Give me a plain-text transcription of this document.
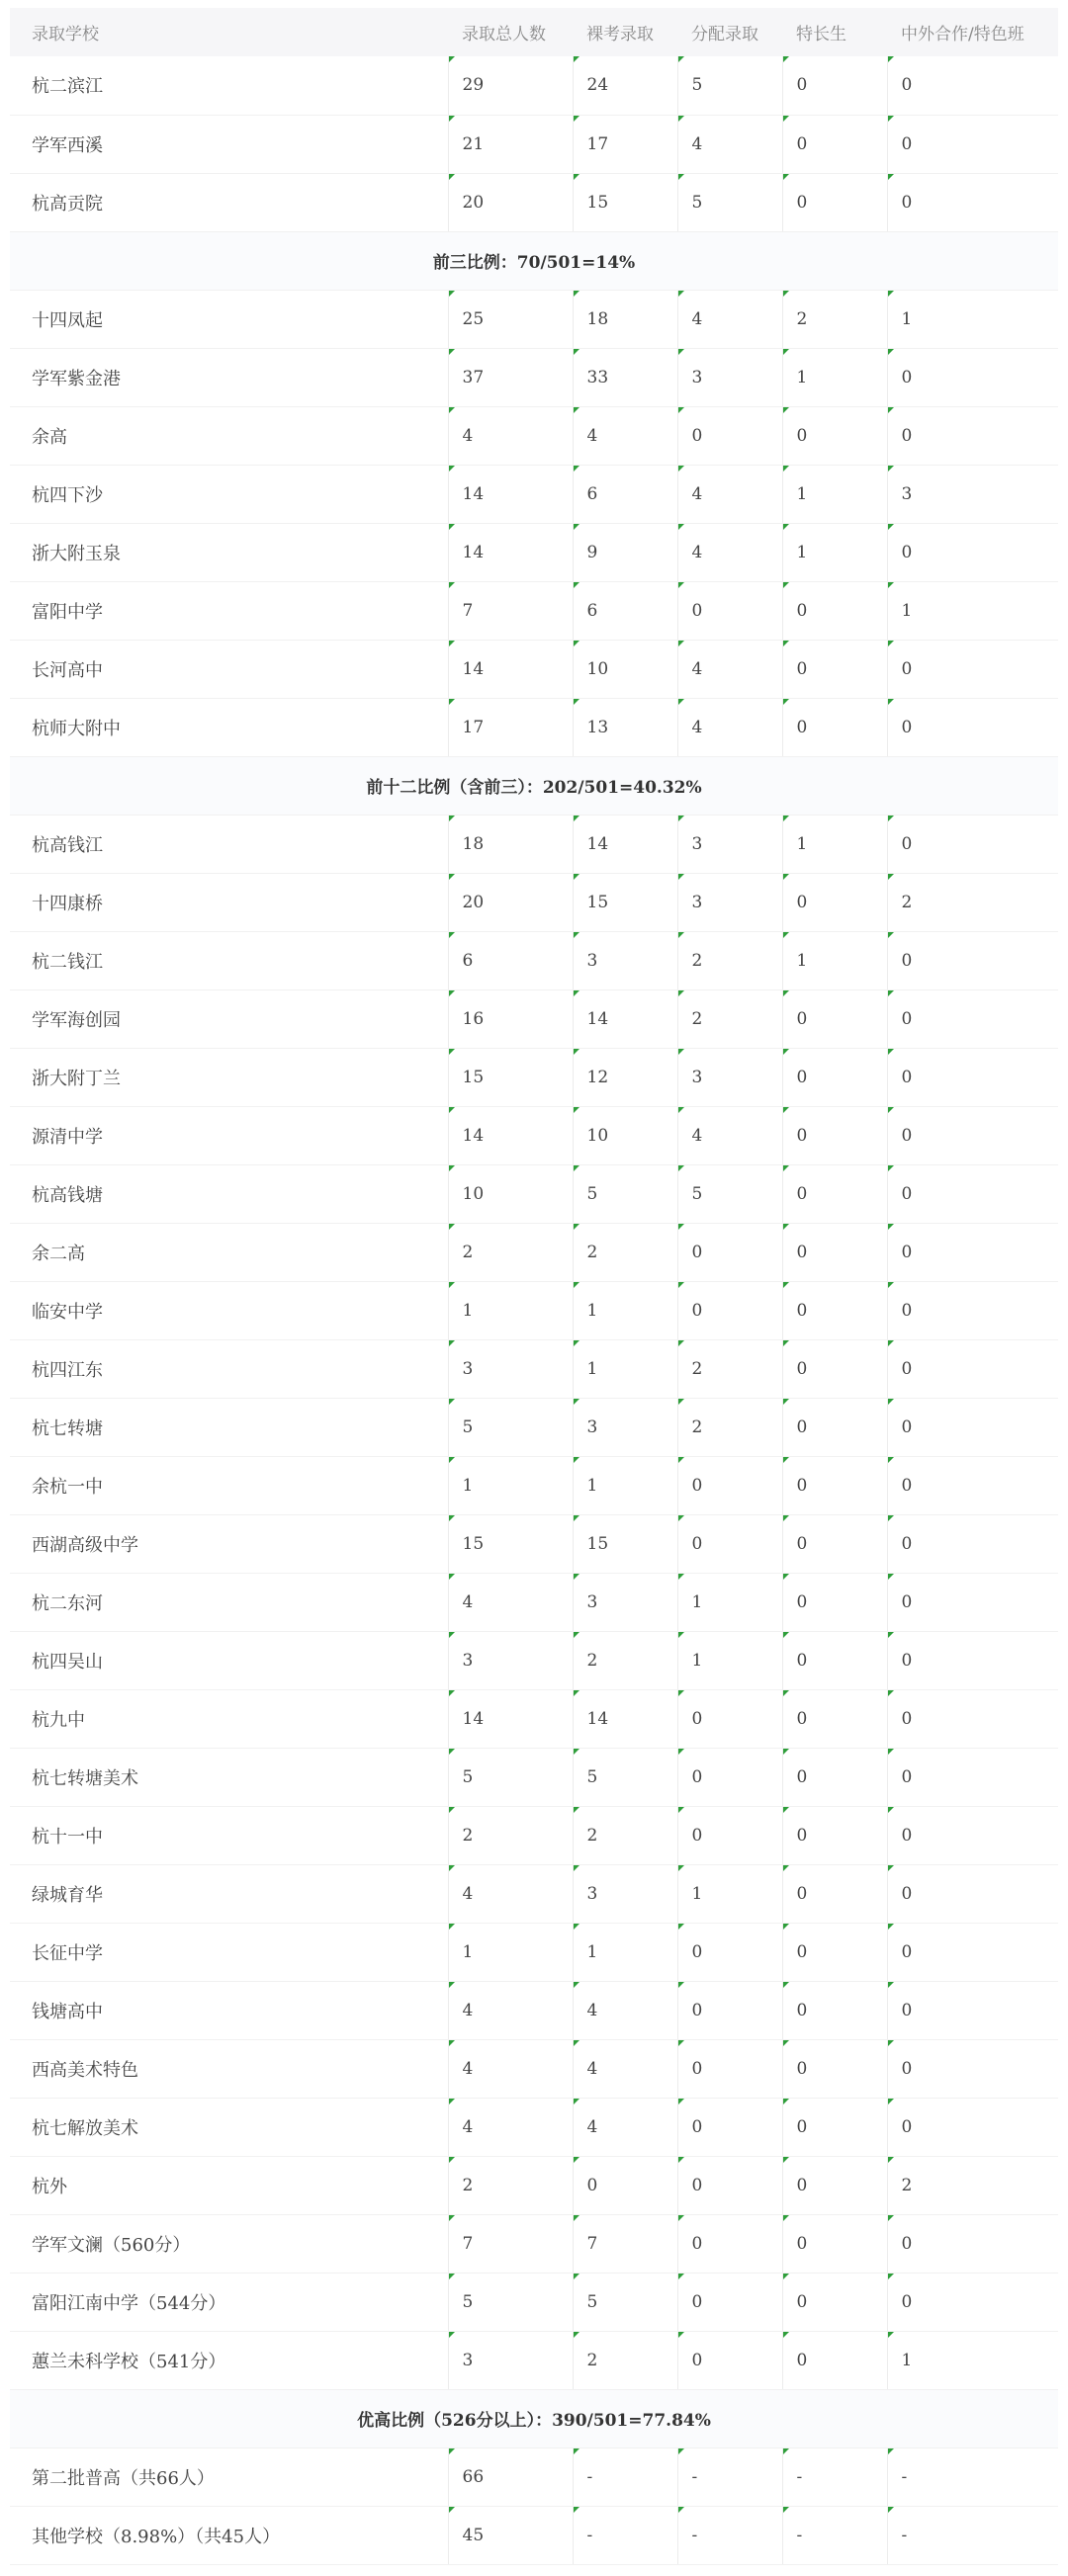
录取学校	录取总人数	裸考录取	分配录取	特长生	中外合作/特色班
杭二滨江	29	24	5	0	0
学军西溪	21	17	4	0	0
杭高贡院	20	15	5	0	0
前三比例：70/501=14%					
十四凤起	25	18	4	2	1
学军紫金港	37	33	3	1	0
余高	4	4	0	0	0
杭四下沙	14	6	4	1	3
浙大附玉泉	14	9	4	1	0
富阳中学	7	6	0	0	1
长河高中	14	10	4	0	0
杭师大附中	17	13	4	0	0
前十二比例（含前三）：202/501=40.32%					
杭高钱江	18	14	3	1	0
十四康桥	20	15	3	0	2
杭二钱江	6	3	2	1	0
学军海创园	16	14	2	0	0
浙大附丁兰	15	12	3	0	0
源清中学	14	10	4	0	0
杭高钱塘	10	5	5	0	0
余二高	2	2	0	0	0
临安中学	1	1	0	0	0
杭四江东	3	1	2	0	0
杭七转塘	5	3	2	0	0
余杭一中	1	1	0	0	0
西湖高级中学	15	15	0	0	0
杭二东河	4	3	1	0	0
杭四吴山	3	2	1	0	0
杭九中	14	14	0	0	0
杭七转塘美术	5	5	0	0	0
杭十一中	2	2	0	0	0
绿城育华	4	3	1	0	0
长征中学	1	1	0	0	0
钱塘高中	4	4	0	0	0
西高美术特色	4	4	0	0	0
杭七解放美术	4	4	0	0	0
杭外	2	0	0	0	2
学军文澜（560分）	7	7	0	0	0
富阳江南中学（544分）	5	5	0	0	0
蕙兰未科学校（541分）	3	2	0	0	1
优高比例（526分以上）：390/501=77.84%					
第二批普高（共66人）	66	-	-	-	-
其他学校（8.98%）（共45人）	45	-	-	-	-
